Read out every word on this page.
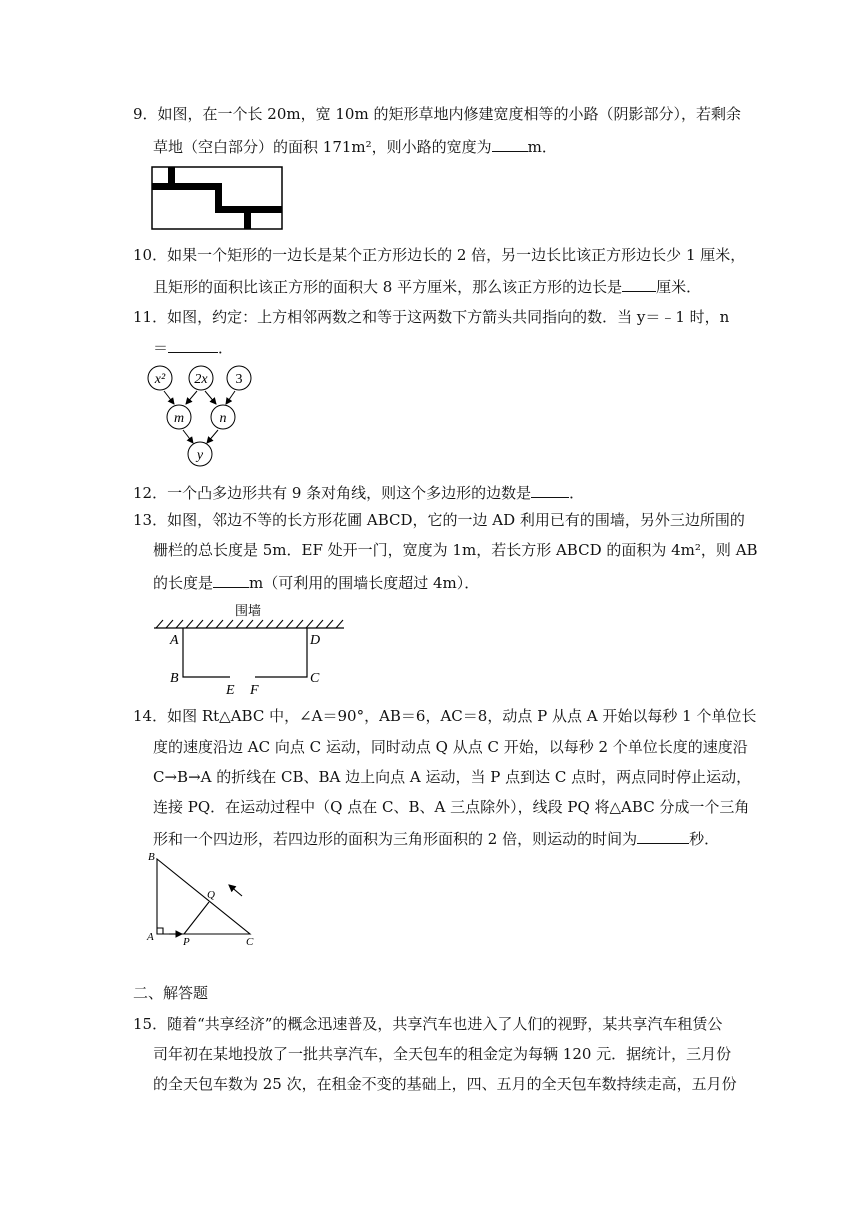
9．如图，在一个长 20m，宽 10m 的矩形草地内修建宽度相等的小路（阴影部分），若剩余
草地（空白部分）的面积 171m²，则小路的宽度为 m．
10．如果一个矩形的一边长是某个正方形边长的 2 倍，另一边长比该正方形边长少 1 厘米，
且矩形的面积比该正方形的面积大 8 平方厘米，那么该正方形的边长是 厘米．
11．如图，约定：上方相邻两数之和等于这两数下方箭头共同指向的数．当 y＝﹣1 时，n
＝	．
x² 2x 3
m	n
y
12．一个凸多边形共有 9 条对角线，则这个多边形的边数是	．
13．如图，邻边不等的长方形花圃 ABCD，它的一边 AD 利用已有的围墙，另外三边所围的
栅栏的总长度是 5m．EF 处开一门，宽度为 1m，若长方形 ABCD 的面积为 4m²，则 AB
的长度是 m（可利用的围墙长度超过 4m）．
围墙
A	D
B	C
E F
14．如图 Rt△ABC 中，∠A＝90°，AB＝6，AC＝8，动点 P 从点 A 开始以每秒 1 个单位长
度的速度沿边 AC 向点 C 运动，同时动点 Q 从点 C 开始，以每秒 2 个单位长度的速度沿
C→B→A 的折线在 CB、BA 边上向点 A 运动，当 P 点到达 C 点时，两点同时停止运动，
连接 PQ．在运动过程中（Q 点在 C、B、A 三点除外），线段 PQ 将△ABC 分成一个三角
形和一个四边形，若四边形的面积为三角形面积的 2 倍，则运动的时间为	秒．
B
A	P
Q
C
二、解答题
15．随着“共享经济”的概念迅速普及，共享汽车也进入了人们的视野，某共享汽车租赁公
司年初在某地投放了一批共享汽车，全天包车的租金定为每辆 120 元．据统计，三月份
的全天包车数为 25 次，在租金不变的基础上，四、五月的全天包车数持续走高，五月份
